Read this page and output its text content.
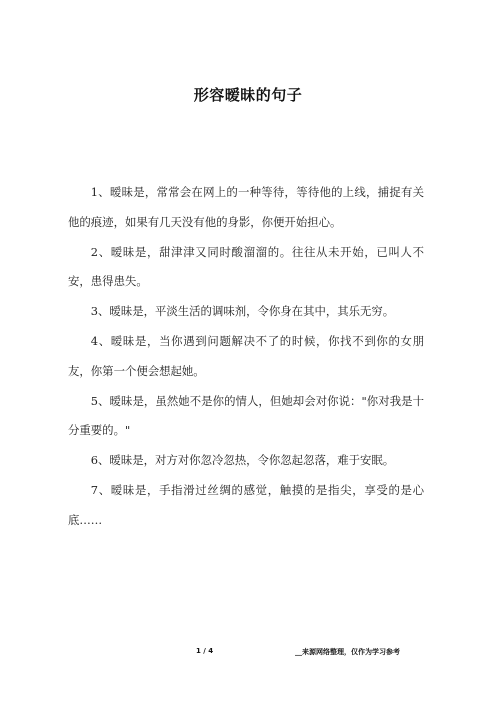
形容暧昧的句子

1、暧昧是，常常会在网上的一种等待，等待他的上线，捕捉有关他的痕迹，如果有几天没有他的身影，你便开始担心。

2、暧昧是，甜津津又同时酸溜溜的。往往从未开始，已叫人不安，患得患失。

3、暧昧是，平淡生活的调味剂，令你身在其中，其乐无穷。

4、暧昧是，当你遇到问题解决不了的时候，你找不到你的女朋友，你第一个便会想起她。

5、暧昧是，虽然她不是你的情人，但她却会对你说："你对我是十分重要的。"

6、暧昧是，对方对你忽冷忽热，令你忽起忽落，难于安眠。

7、暧昧是，手指滑过丝绸的感觉，触摸的是指尖，享受的是心底……

1 / 4	__来源网络整理，仅作为学习参考
